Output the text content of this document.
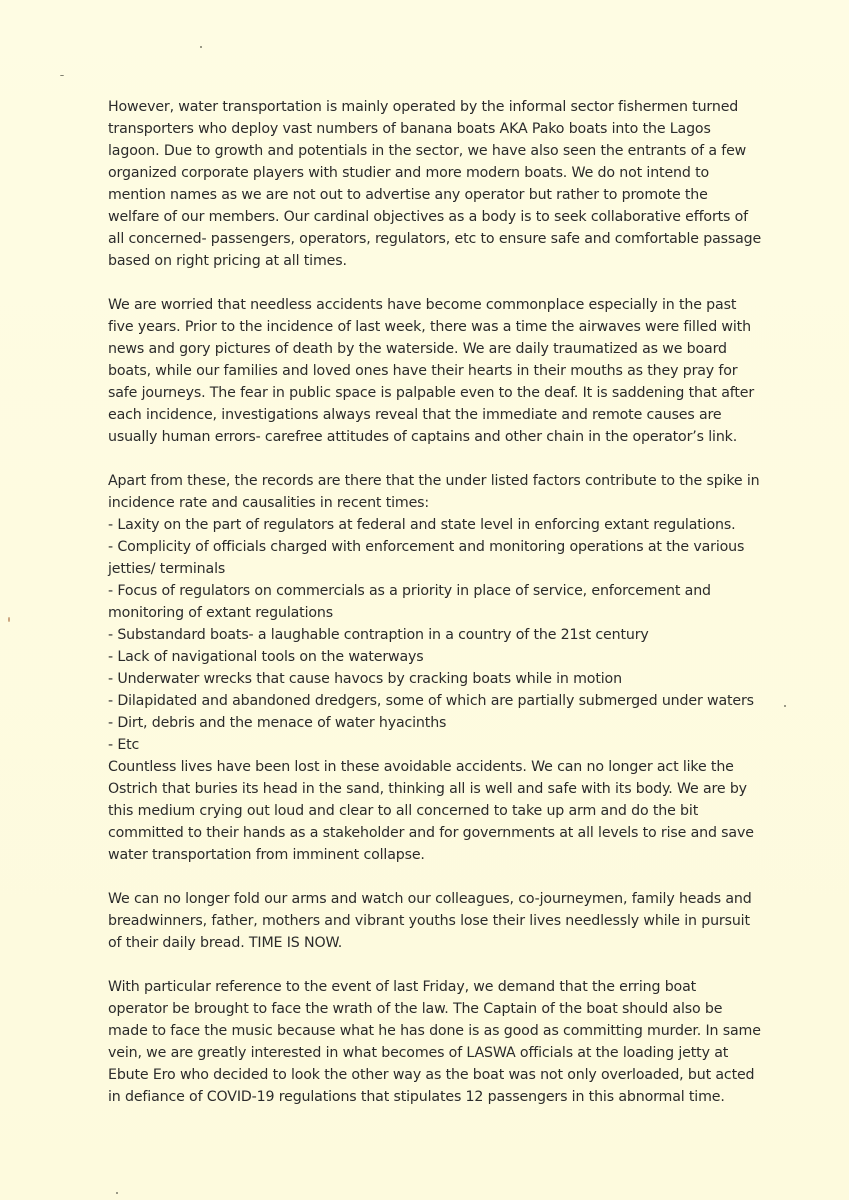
However, water transportation is mainly operated by the informal sector fishermen turned
transporters who deploy vast numbers of banana boats AKA Pako boats into the Lagos
lagoon. Due to growth and potentials in the sector, we have also seen the entrants of a few
organized corporate players with studier and more modern boats. We do not intend to
mention names as we are not out to advertise any operator but rather to promote the
welfare of our members. Our cardinal objectives as a body is to seek collaborative efforts of
all concerned- passengers, operators, regulators, etc to ensure safe and comfortable passage
based on right pricing at all times.
We are worried that needless accidents have become commonplace especially in the past
five years. Prior to the incidence of last week, there was a time the airwaves were filled with
news and gory pictures of death by the waterside. We are daily traumatized as we board
boats, while our families and loved ones have their hearts in their mouths as they pray for
safe journeys. The fear in public space is palpable even to the deaf. It is saddening that after
each incidence, investigations always reveal that the immediate and remote causes are
usually human errors- carefree attitudes of captains and other chain in the operator’s link.
Apart from these, the records are there that the under listed factors contribute to the spike in
incidence rate and causalities in recent times:
- Laxity on the part of regulators at federal and state level in enforcing extant regulations.
- Complicity of officials charged with enforcement and monitoring operations at the various
jetties/ terminals
- Focus of regulators on commercials as a priority in place of service, enforcement and
monitoring of extant regulations
- Substandard boats- a laughable contraption in a country of the 21st century
- Lack of navigational tools on the waterways
- Underwater wrecks that cause havocs by cracking boats while in motion
- Dilapidated and abandoned dredgers, some of which are partially submerged under waters
- Dirt, debris and the menace of water hyacinths
- Etc
Countless lives have been lost in these avoidable accidents. We can no longer act like the
Ostrich that buries its head in the sand, thinking all is well and safe with its body. We are by
this medium crying out loud and clear to all concerned to take up arm and do the bit
committed to their hands as a stakeholder and for governments at all levels to rise and save
water transportation from imminent collapse.
We can no longer fold our arms and watch our colleagues, co-journeymen, family heads and
breadwinners, father, mothers and vibrant youths lose their lives needlessly while in pursuit
of their daily bread. TIME IS NOW.
With particular reference to the event of last Friday, we demand that the erring boat
operator be brought to face the wrath of the law. The Captain of the boat should also be
made to face the music because what he has done is as good as committing murder. In same
vein, we are greatly interested in what becomes of LASWA officials at the loading jetty at
Ebute Ero who decided to look the other way as the boat was not only overloaded, but acted
in defiance of COVID-19 regulations that stipulates 12 passengers in this abnormal time.
